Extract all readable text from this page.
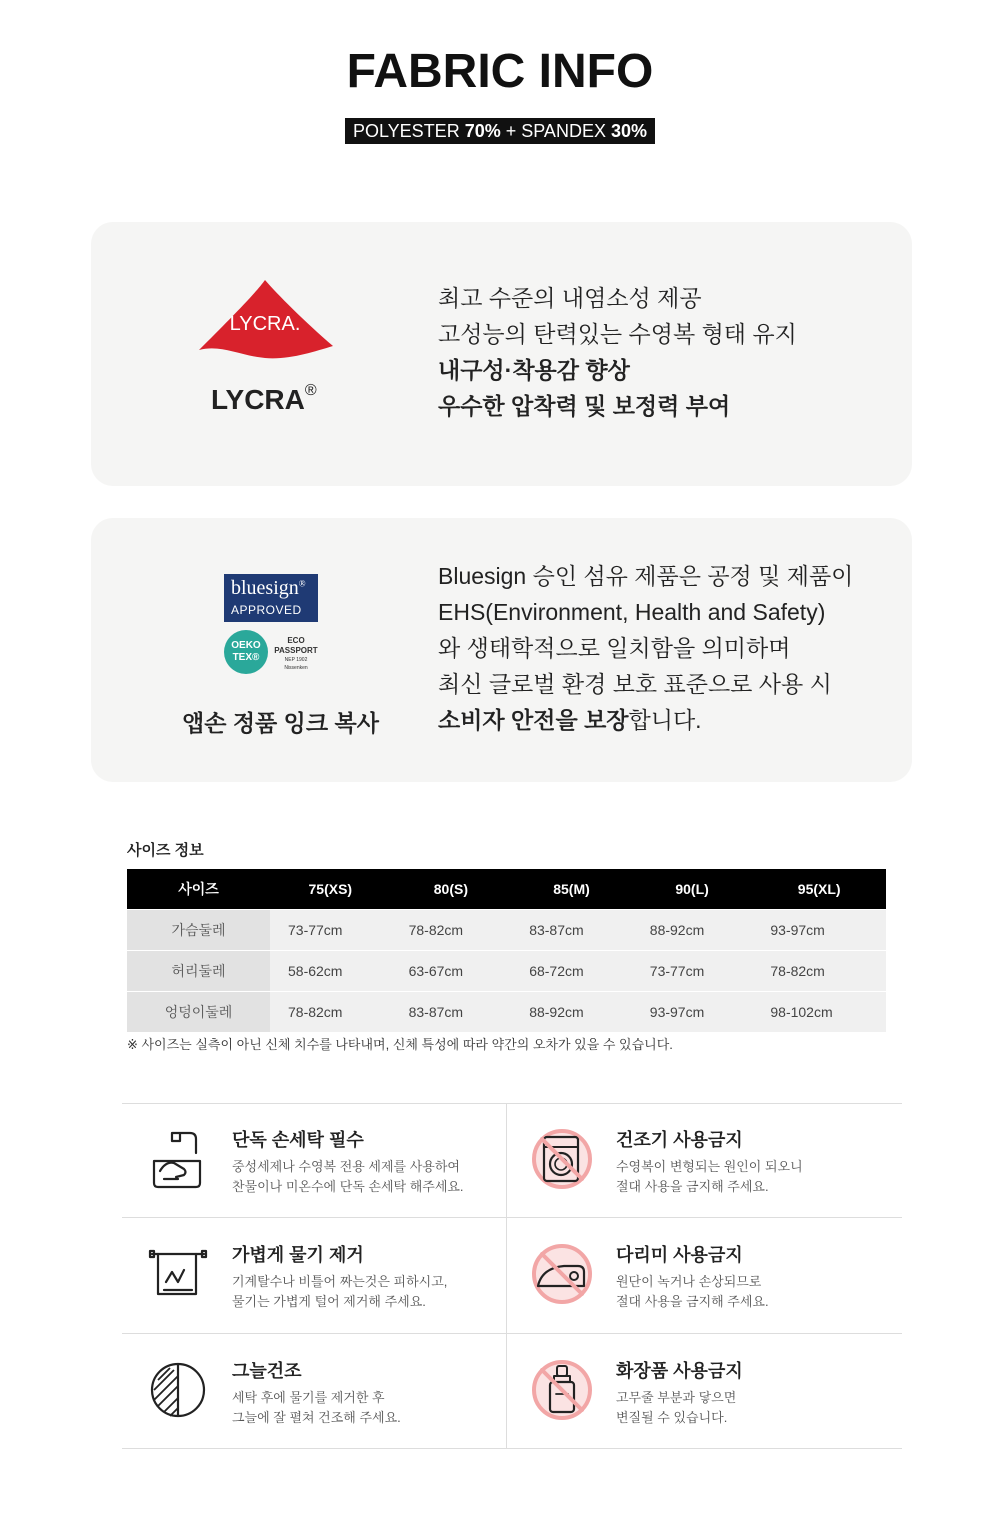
FABRIC INFO
POLYESTER 70% + SPANDEX 30%
LYCRA.
LYCRA®
최고 수준의 내염소성 제공
고성능의 탄력있는 수영복 형태 유지
내구성·착용감 향상
우수한 압착력 및 보정력 부여
bluesign®
APPROVED
OEKO
TEX®
ECO
PASSPORT
NEP 1902
Nissenken
앱손 정품 잉크 복사
Bluesign 승인 섬유 제품은 공정 및 제품이
EHS(Environment, Health and Safety)
와 생태학적으로 일치함을 의미하며
최신 글로벌 환경 보호 표준으로 사용 시
소비자 안전을 보장합니다.
사이즈 정보
사이즈	75(XS)	80(S)	85(M)	90(L)	95(XL)
가슴둘레	73-77cm	78-82cm	83-87cm	88-92cm	93-97cm
허리둘레	58-62cm	63-67cm	68-72cm	73-77cm	78-82cm
엉덩이둘레	78-82cm	83-87cm	88-92cm	93-97cm	98-102cm
※ 사이즈는 실측이 아닌 신체 치수를 나타내며, 신체 특성에 따라 약간의 오차가 있을 수 있습니다.
단독 손세탁 필수
중성세제나 수영복 전용 세제를 사용하여
찬물이나 미온수에 단독 손세탁 해주세요.
건조기 사용금지
수영복이 변형되는 원인이 되오니
절대 사용을 금지해 주세요.
가볍게 물기 제거
기계탈수나 비틀어 짜는것은 피하시고,
물기는 가볍게 털어 제거해 주세요.
다리미 사용금지
원단이 녹거나 손상되므로
절대 사용을 금지해 주세요.
그늘건조
세탁 후에 물기를 제거한 후
그늘에 잘 펼쳐 건조해 주세요.
화장품 사용금지
고무줄 부분과 닿으면
변질될 수 있습니다.
